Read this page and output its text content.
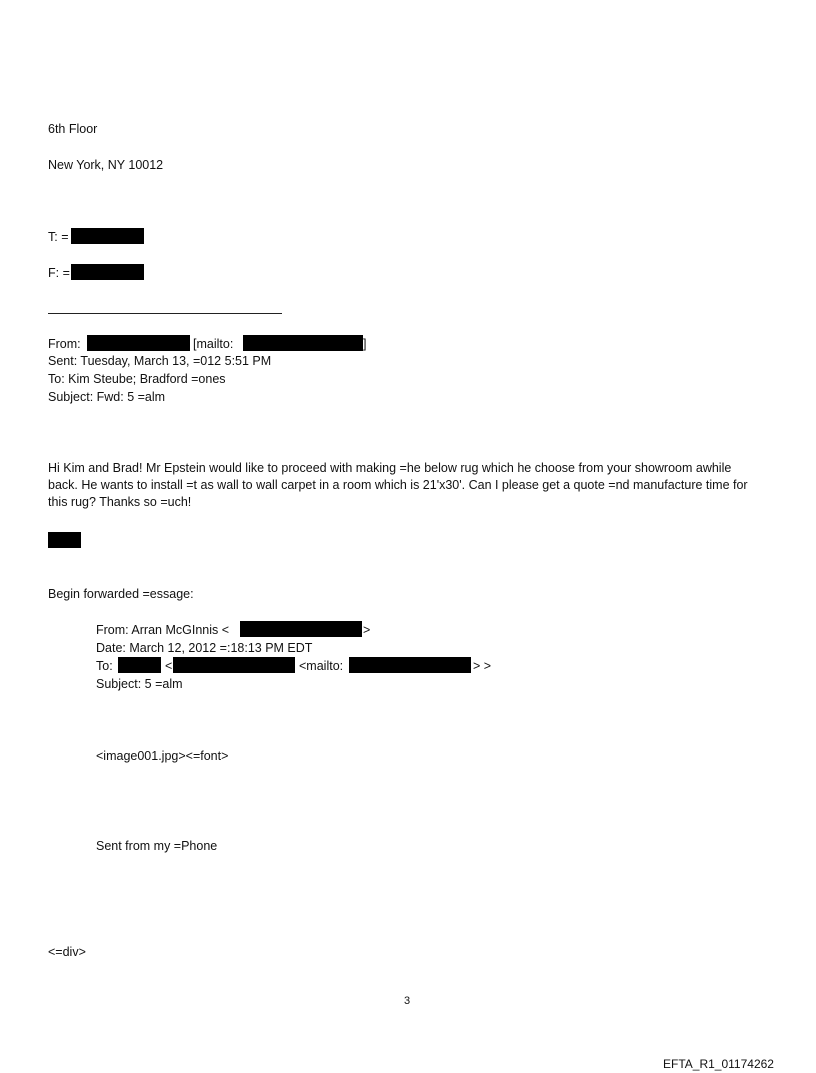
6th Floor
New York, NY 10012
T: =
F: =
From:	[mailto:	]
Sent: Tuesday, March 13, =012 5:51 PM
To: Kim Steube; Bradford =ones
Subject: Fwd: 5 =alm
Hi Kim and Brad! Mr Epstein would like to proceed with making =he below rug which he choose from your showroom awhile back. He wants to install =t as wall to wall carpet in a room which is 21'x30'. Can I please get a quote =nd manufacture time for this rug? Thanks so =uch!
Begin forwarded =essage:
From: Arran McGInnis <	>
Date: March 12, 2012 =:18:13 PM EDT
To:	<	<mailto:	> >
Subject: 5 =alm
<image001.jpg><=font>
Sent from my =Phone
<=div>
3
EFTA_R1_01174262
